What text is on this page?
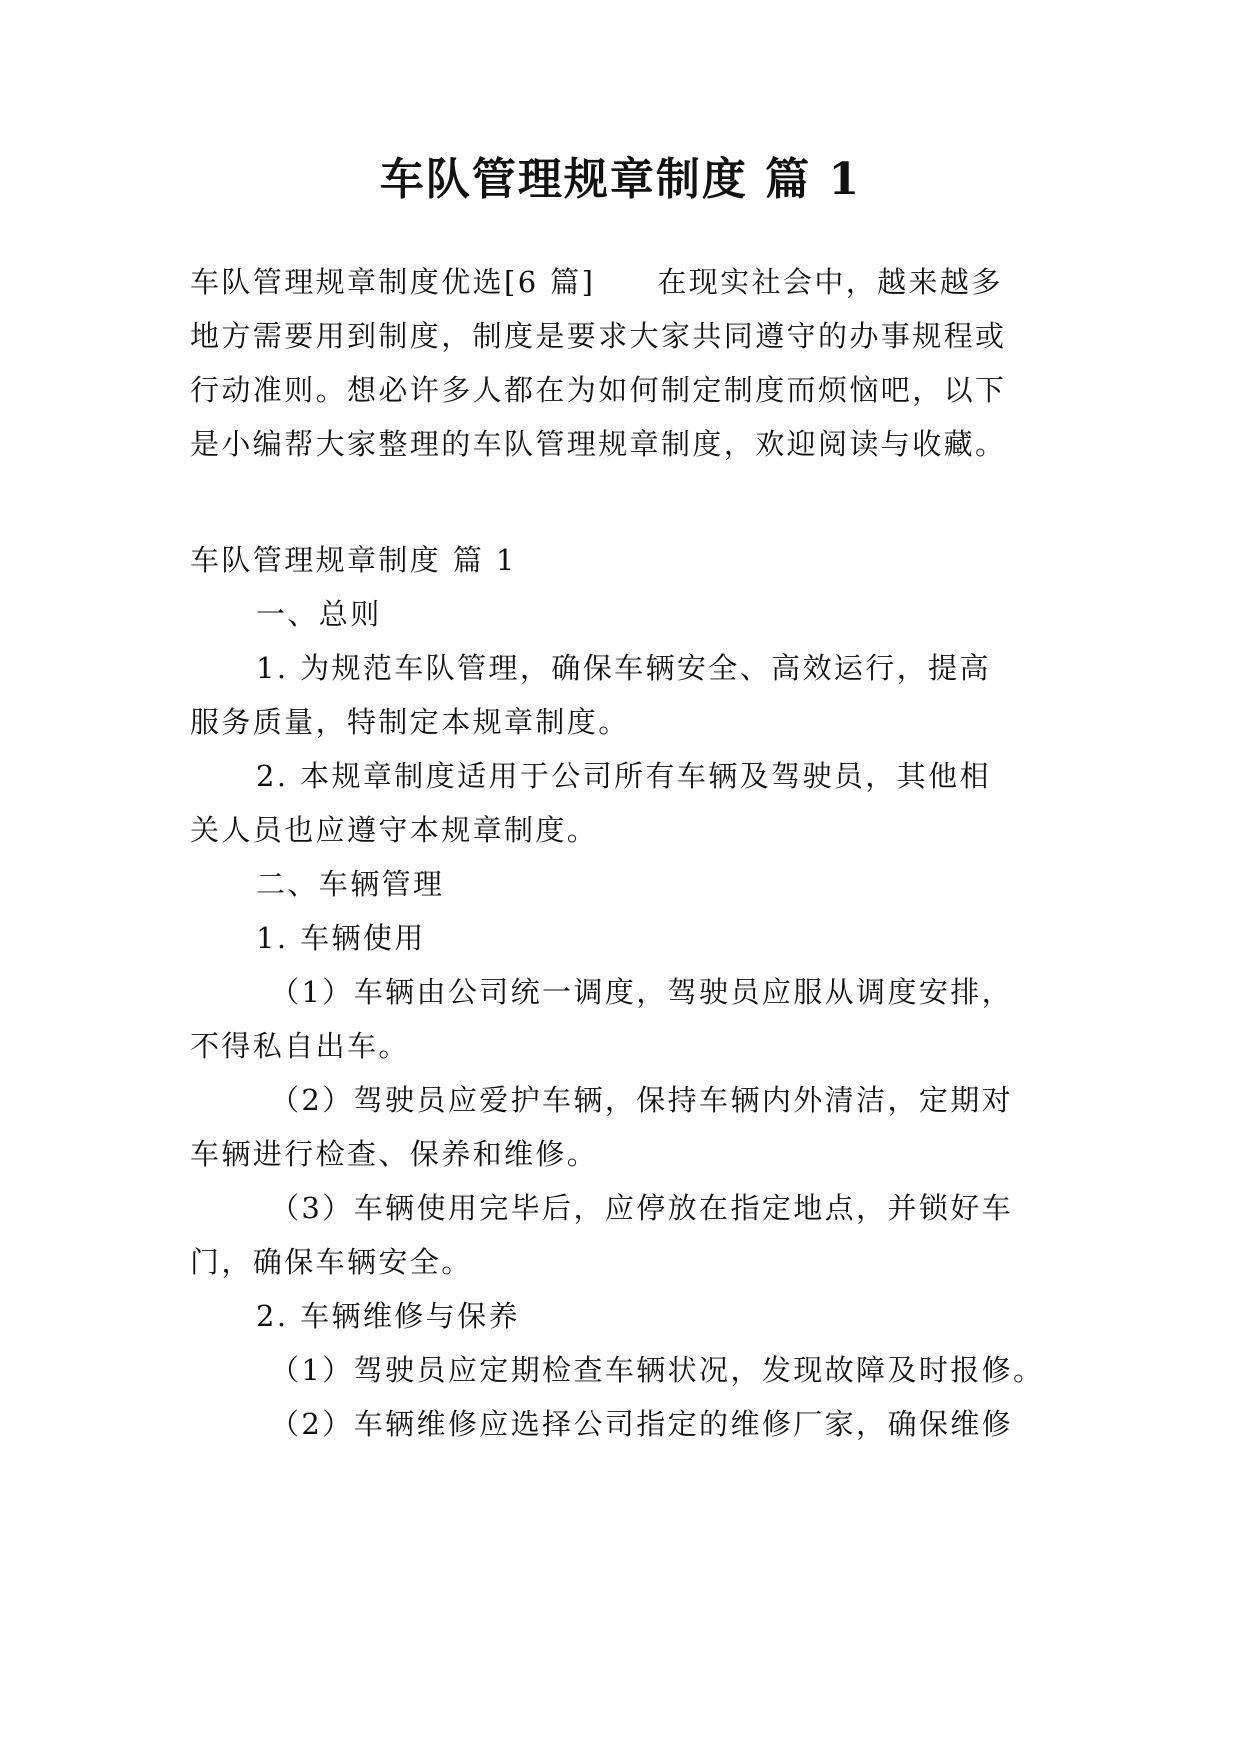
车队管理规章制度 篇 1
车队管理规章制度优选[6 篇] 在现实社会中，越来越多
地方需要用到制度，制度是要求大家共同遵守的办事规程或
行动准则。想必许多人都在为如何制定制度而烦恼吧，以下
是小编帮大家整理的车队管理规章制度，欢迎阅读与收藏。
车队管理规章制度 篇 1
一、总则
1. 为规范车队管理，确保车辆安全、高效运行，提高
服务质量，特制定本规章制度。
2. 本规章制度适用于公司所有车辆及驾驶员，其他相
关人员也应遵守本规章制度。
二、车辆管理
1. 车辆使用
（1）车辆由公司统一调度，驾驶员应服从调度安排，
不得私自出车。
（2）驾驶员应爱护车辆，保持车辆内外清洁，定期对
车辆进行检查、保养和维修。
（3）车辆使用完毕后，应停放在指定地点，并锁好车
门，确保车辆安全。
2. 车辆维修与保养
（1）驾驶员应定期检查车辆状况，发现故障及时报修。
（2）车辆维修应选择公司指定的维修厂家，确保维修
